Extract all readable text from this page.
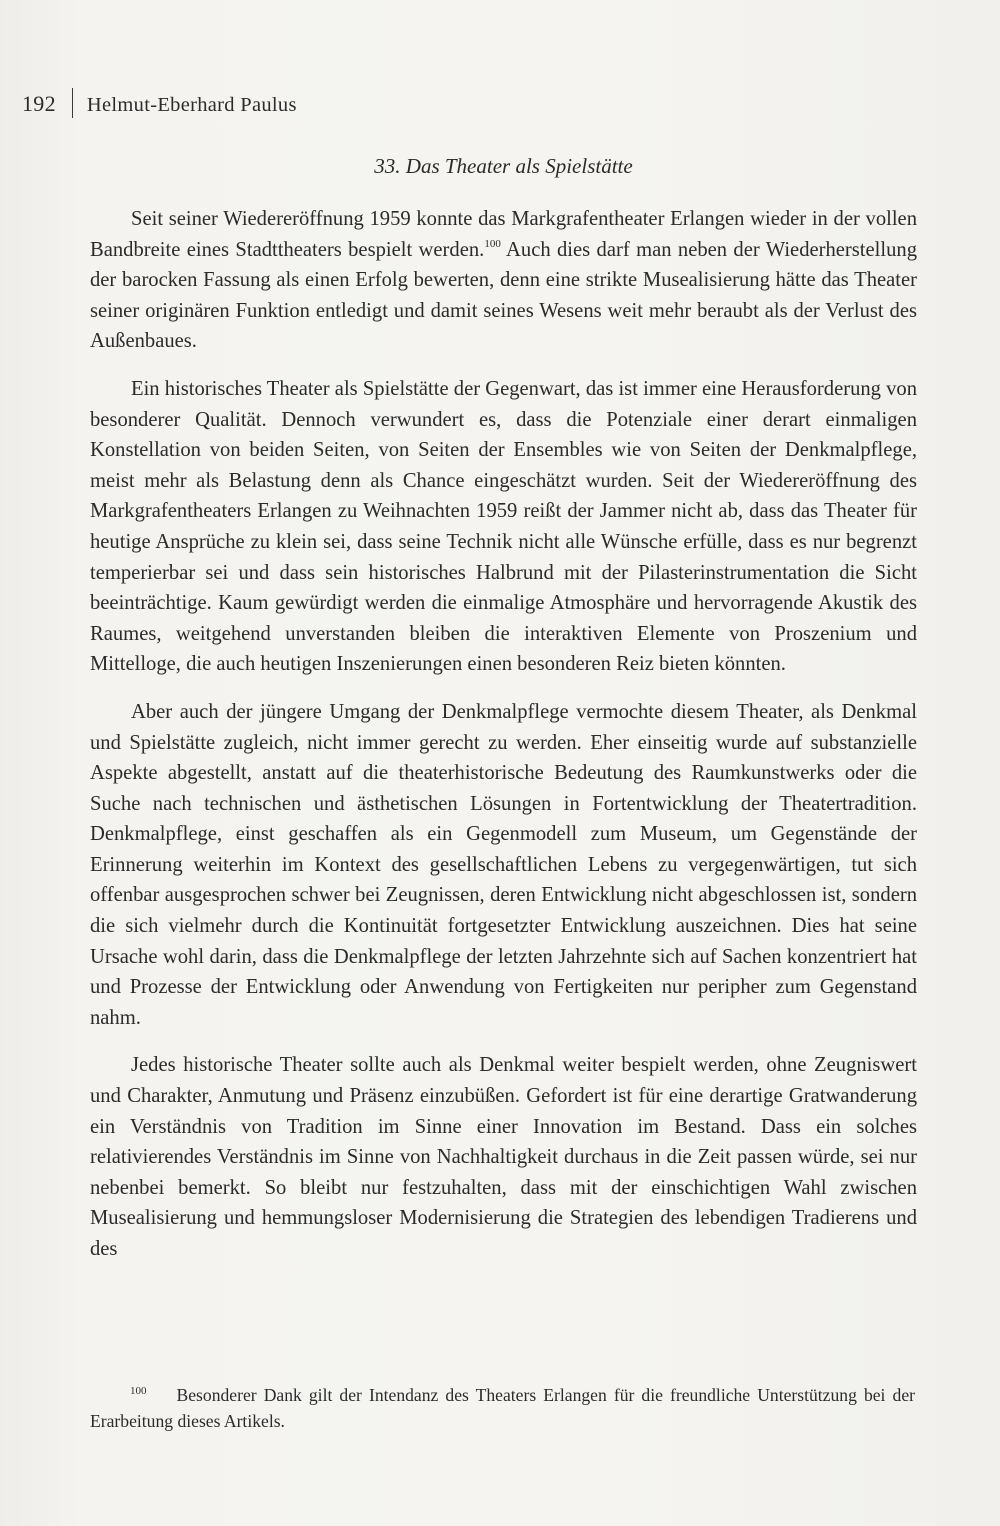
192 Helmut-Eberhard Paulus
33. Das Theater als Spielstätte

Seit seiner Wiedereröffnung 1959 konnte das Markgrafentheater Erlangen wieder in der vollen Bandbreite eines Stadttheaters bespielt werden.$^{100}$ Auch dies darf man neben der Wiederherstellung der barocken Fassung als einen Erfolg bewerten, denn eine strikte Musealisierung hätte das Theater seiner originären Funktion entledigt und damit seines Wesens weit mehr beraubt als der Verlust des Außenbaues.

Ein historisches Theater als Spielstätte der Gegenwart, das ist immer eine Herausforderung von besonderer Qualität. Dennoch verwundert es, dass die Potenziale einer derart einmaligen Konstellation von beiden Seiten, von Seiten der Ensembles wie von Seiten der Denkmalpflege, meist mehr als Belastung denn als Chance eingeschätzt wurden. Seit der Wiedereröffnung des Markgrafentheaters Erlangen zu Weihnachten 1959 reißt der Jammer nicht ab, dass das Theater für heutige Ansprüche zu klein sei, dass seine Technik nicht alle Wünsche erfülle, dass es nur begrenzt temperierbar sei und dass sein historisches Halbrund mit der Pilasterinstrumentation die Sicht beeinträchtige. Kaum gewürdigt werden die einmalige Atmosphäre und hervorragende Akustik des Raumes, weitgehend unverstanden bleiben die interaktiven Elemente von Proszenium und Mittelloge, die auch heutigen Inszenierungen einen besonderen Reiz bieten könnten.

Aber auch der jüngere Umgang der Denkmalpflege vermochte diesem Theater, als Denkmal und Spielstätte zugleich, nicht immer gerecht zu werden. Eher einseitig wurde auf substanzielle Aspekte abgestellt, anstatt auf die theaterhistorische Bedeutung des Raumkunstwerks oder die Suche nach technischen und ästhetischen Lösungen in Fortentwicklung der Theatertradition. Denkmalpflege, einst geschaffen als ein Gegenmodell zum Museum, um Gegenstände der Erinnerung weiterhin im Kontext des gesellschaftlichen Lebens zu vergegenwärtigen, tut sich offenbar ausgesprochen schwer bei Zeugnissen, deren Entwicklung nicht abgeschlossen ist, sondern die sich vielmehr durch die Kontinuität fortgesetzter Entwicklung auszeichnen. Dies hat seine Ursache wohl darin, dass die Denkmalpflege der letzten Jahrzehnte sich auf Sachen konzentriert hat und Prozesse der Entwicklung oder Anwendung von Fertigkeiten nur peripher zum Gegenstand nahm.

Jedes historische Theater sollte auch als Denkmal weiter bespielt werden, ohne Zeugniswert und Charakter, Anmutung und Präsenz einzubüßen. Gefordert ist für eine derartige Gratwanderung ein Verständnis von Tradition im Sinne einer Innovation im Bestand. Dass ein solches relativierendes Verständnis im Sinne von Nachhaltigkeit durchaus in die Zeit passen würde, sei nur nebenbei bemerkt. So bleibt nur festzuhalten, dass mit der einschichtigen Wahl zwischen Musealisierung und hemmungsloser Modernisierung die Strategien des lebendigen Tradierens und des

100 Besonderer Dank gilt der Intendanz des Theaters Erlangen für die freundliche Unterstützung bei der Erarbeitung dieses Artikels.
